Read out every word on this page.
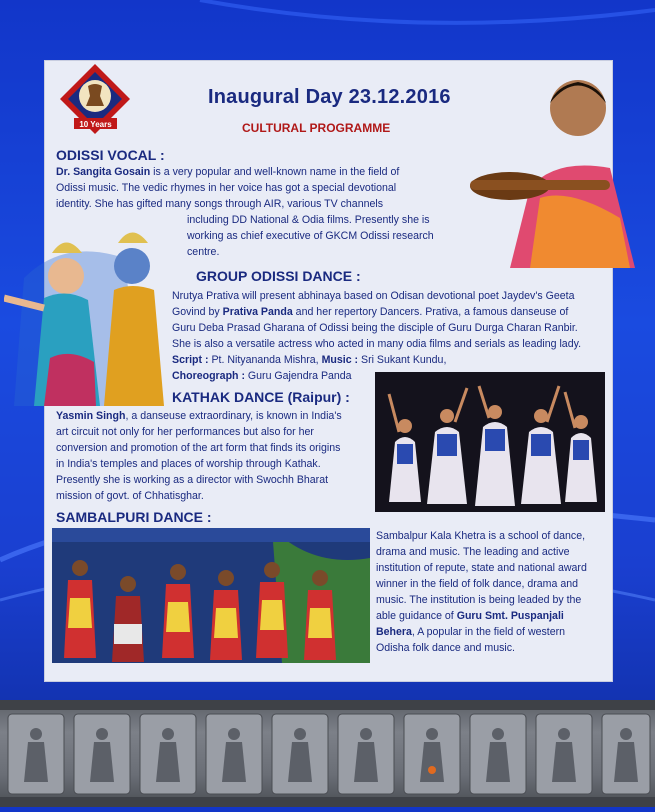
10 Years
Inaugural Day 23.12.2016
CULTURAL PROGRAMME
ODISSI VOCAL :
Dr. Sangita Gosain is a very popular and well-known name in the field of
Odissi music. The vedic rhymes in her voice has got a special devotional
identity. She has gifted many songs through AIR, various TV channels
including DD National & Odia films. Presently she is
working as chief executive of GKCM Odissi research
centre.
GROUP ODISSI DANCE :
Nrutya Prativa will present abhinaya based on Odisan devotional poet Jaydev's Geeta
Govind by Prativa Panda and her repertory Dancers. Prativa, a famous danseuse of
Guru Deba Prasad Gharana of Odissi being the disciple of Guru Durga Charan Ranbir.
She is also a versatile actress who acted in many odia films and serials as leading lady.
Script : Pt. Nityananda Mishra, Music : Sri Sukant Kundu,
Choreograph : Guru Gajendra Panda
KATHAK DANCE (Raipur) :
Yasmin Singh, a danseuse extraordinary, is known in India's
art circuit not only for her performances but also for her
conversion and promotion of the art form that finds its origins
in India's temples and places of worship through Kathak.
Presently she is working as a director with Swochh Bharat
mission of govt. of Chhatisghar.
SAMBALPURI DANCE :
Sambalpur Kala Khetra is a school of dance,
drama and music. The leading and active
institution of repute, state and national award
winner in the field of folk dance, drama and
music. The institution is being leaded by the
able guidance of Guru Smt. Puspanjali
Behera, A popular in the field of western
Odisha folk dance and music.
